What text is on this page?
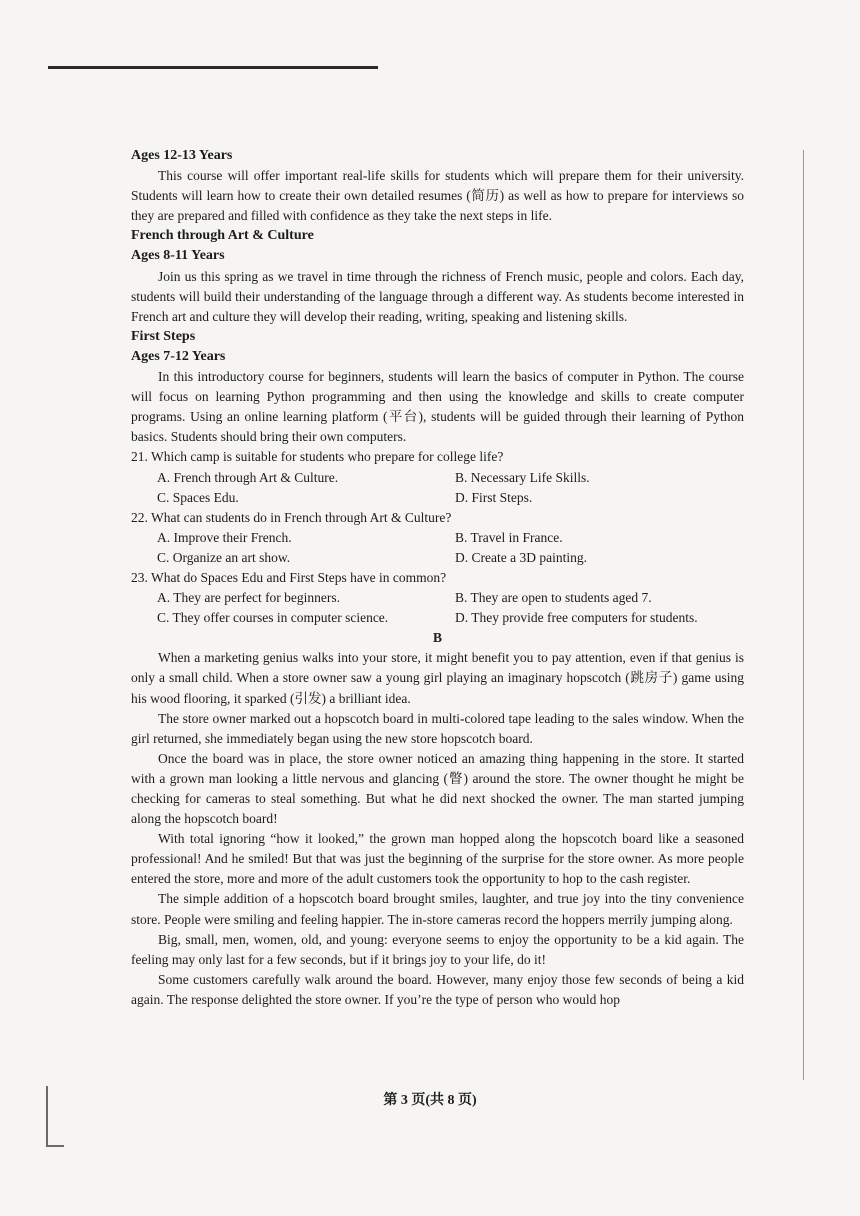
Ages 12-13 Years

This course will offer important real-life skills for students which will prepare them for their university. Students will learn how to create their own detailed resumes (简历) as well as how to prepare for interviews so they are prepared and filled with confidence as they take the next steps in life.

French through Art & Culture

Ages 8-11 Years

Join us this spring as we travel in time through the richness of French music, people and colors. Each day, students will build their understanding of the language through a different way. As students become interested in French art and culture they will develop their reading, writing, speaking and listening skills.

First Steps

Ages 7-12 Years

In this introductory course for beginners, students will learn the basics of computer in Python. The course will focus on learning Python programming and then using the knowledge and skills to create computer programs. Using an online learning platform (平台), students will be guided through their learning of Python basics. Students should bring their own computers.

21. Which camp is suitable for students who prepare for college life?

A. French through Art & Culture.	B. Necessary Life Skills.
C. Spaces Edu.	D. First Steps.

22. What can students do in French through Art & Culture?

A. Improve their French.	B. Travel in France.
C. Organize an art show.	D. Create a 3D painting.

23. What do Spaces Edu and First Steps have in common?

A. They are perfect for beginners.	B. They are open to students aged 7.
C. They offer courses in computer science.	D. They provide free computers for students.

B

When a marketing genius walks into your store, it might benefit you to pay attention, even if that genius is only a small child. When a store owner saw a young girl playing an imaginary hopscotch (跳房子) game using his wood flooring, it sparked (引发) a brilliant idea.

The store owner marked out a hopscotch board in multi-colored tape leading to the sales window. When the girl returned, she immediately began using the new store hopscotch board.

Once the board was in place, the store owner noticed an amazing thing happening in the store. It started with a grown man looking a little nervous and glancing (瞥) around the store. The owner thought he might be checking for cameras to steal something. But what he did next shocked the owner. The man started jumping along the hopscotch board!

With total ignoring “how it looked,” the grown man hopped along the hopscotch board like a seasoned professional! And he smiled! But that was just the beginning of the surprise for the store owner. As more people entered the store, more and more of the adult customers took the opportunity to hop to the cash register.

The simple addition of a hopscotch board brought smiles, laughter, and true joy into the tiny convenience store. People were smiling and feeling happier. The in-store cameras record the hoppers merrily jumping along.

Big, small, men, women, old, and young: everyone seems to enjoy the opportunity to be a kid again. The feeling may only last for a few seconds, but if it brings joy to your life, do it!

Some customers carefully walk around the board. However, many enjoy those few seconds of being a kid again. The response delighted the store owner. If you’re the type of person who would hop

第 3 页(共 8 页)
